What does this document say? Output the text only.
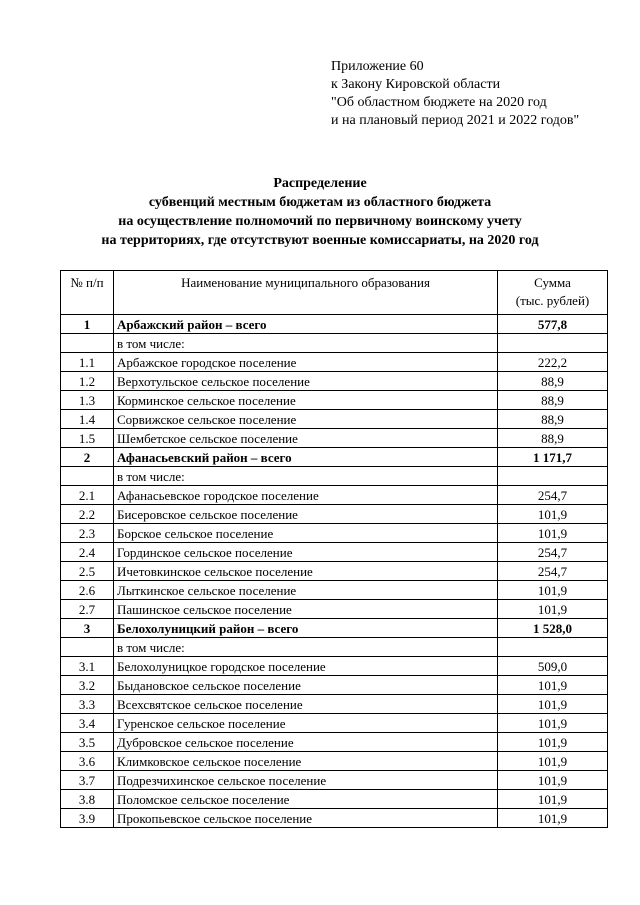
Приложение 60
к Закону Кировской области
"Об областном бюджете на 2020 год
и на плановый период 2021 и 2022 годов"
Распределение
субвенций местным бюджетам из областного бюджета
на осуществление полномочий по первичному воинскому учету
на территориях, где отсутствуют военные комиссариаты, на 2020 год
№ п/п	Наименование муниципального образования	Сумма
(тыс. рублей)
1	Арбажский район – всего	577,8
	в том числе:	
1.1	Арбажское городское поселение	222,2
1.2	Верхотульское сельское поселение	88,9
1.3	Корминское сельское поселение	88,9
1.4	Сорвижское сельское поселение	88,9
1.5	Шембетское сельское поселение	88,9
2	Афанасьевский район – всего	1 171,7
	в том числе:	
2.1	Афанасьевское городское поселение	254,7
2.2	Бисеровское сельское поселение	101,9
2.3	Борское сельское поселение	101,9
2.4	Гординское сельское поселение	254,7
2.5	Ичетовкинское сельское поселение	254,7
2.6	Лыткинское сельское поселение	101,9
2.7	Пашинское сельское поселение	101,9
3	Белохолуницкий район – всего	1 528,0
	в том числе:	
3.1	Белохолуницкое городское поселение	509,0
3.2	Быдановское сельское поселение	101,9
3.3	Всехсвятское сельское поселение	101,9
3.4	Гуренское сельское поселение	101,9
3.5	Дубровское сельское поселение	101,9
3.6	Климковское сельское поселение	101,9
3.7	Подрезчихинское сельское поселение	101,9
3.8	Поломское сельское поселение	101,9
3.9	Прокопьевское сельское поселение	101,9
